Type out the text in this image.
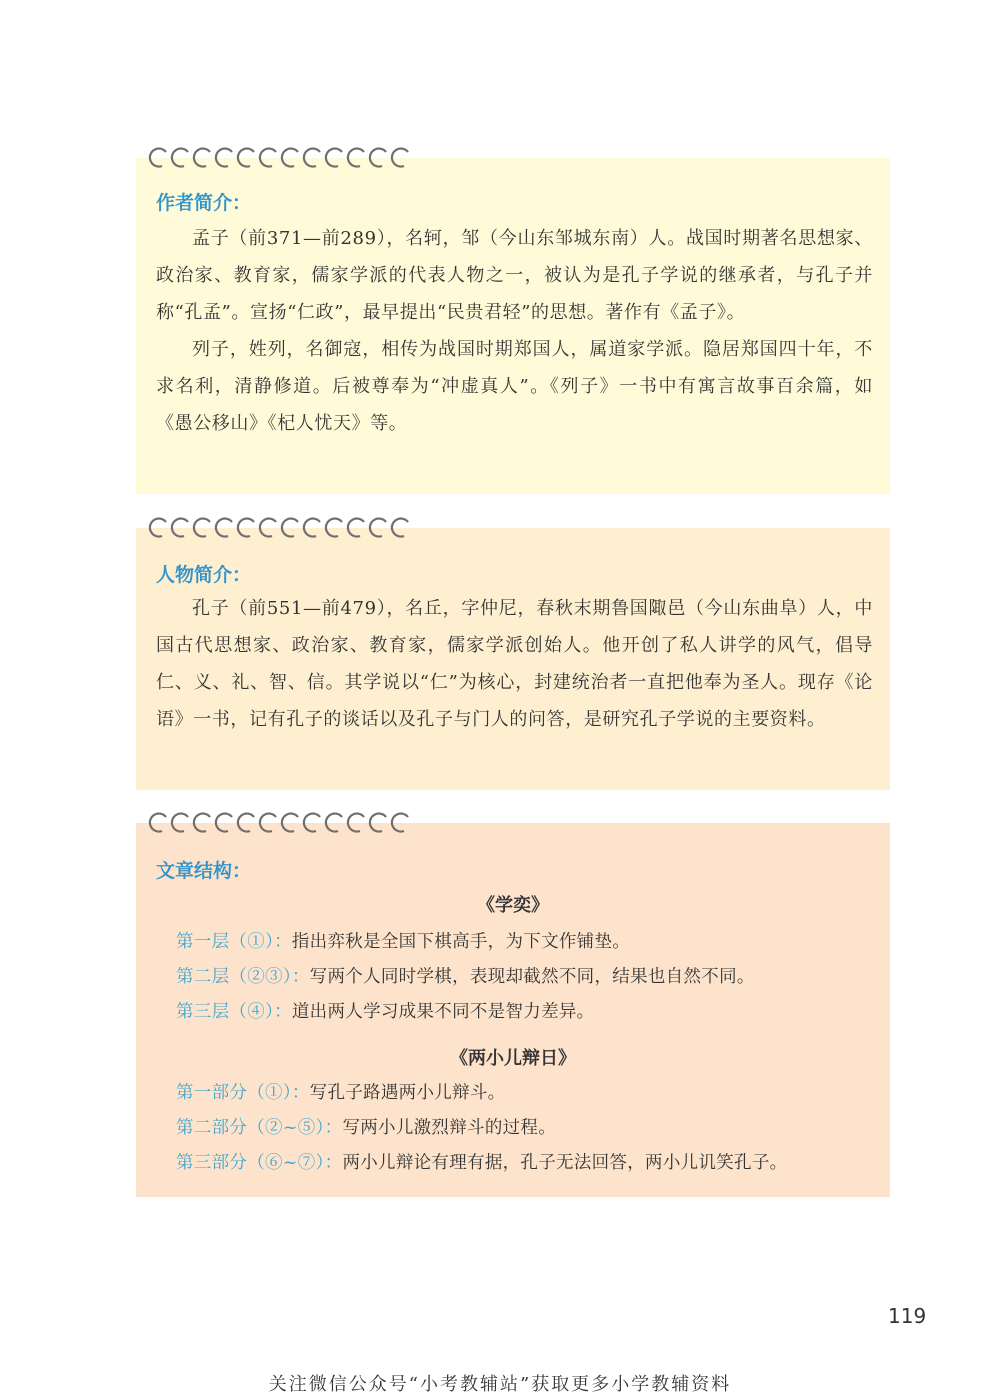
作者简介：

孟子（前371—前289），名轲，邹（今山东邹城东南）人。战国时期著名思想家、政治家、教育家，儒家学派的代表人物之一，被认为是孔子学说的继承者，与孔子并称“孔孟”。宣扬“仁政”，最早提出“民贵君轻”的思想。著作有《孟子》。

列子，姓列，名御寇，相传为战国时期郑国人，属道家学派。隐居郑国四十年，不求名利，清静修道。后被尊奉为“冲虚真人”。《列子》一书中有寓言故事百余篇，如《愚公移山》《杞人忧天》等。

人物简介：

孔子（前551—前479），名丘，字仲尼，春秋末期鲁国陬邑（今山东曲阜）人，中国古代思想家、政治家、教育家，儒家学派创始人。他开创了私人讲学的风气，倡导仁、义、礼、智、信。其学说以“仁”为核心，封建统治者一直把他奉为圣人。现存《论语》一书，记有孔子的谈话以及孔子与门人的问答，是研究孔子学说的主要资料。

文章结构：
《学奕》
第一层（①）：指出弈秋是全国下棋高手，为下文作铺垫。
第二层（②③）：写两个人同时学棋，表现却截然不同，结果也自然不同。
第三层（④）：道出两人学习成果不同不是智力差异。
《两小儿辩日》
第一部分（①）：写孔子路遇两小儿辩斗。
第二部分（②~⑤）：写两小儿激烈辩斗的过程。
第三部分（⑥~⑦）：两小儿辩论有理有据，孔子无法回答，两小儿讥笑孔子。
119
关注微信公众号“小考教辅站”获取更多小学教辅资料
